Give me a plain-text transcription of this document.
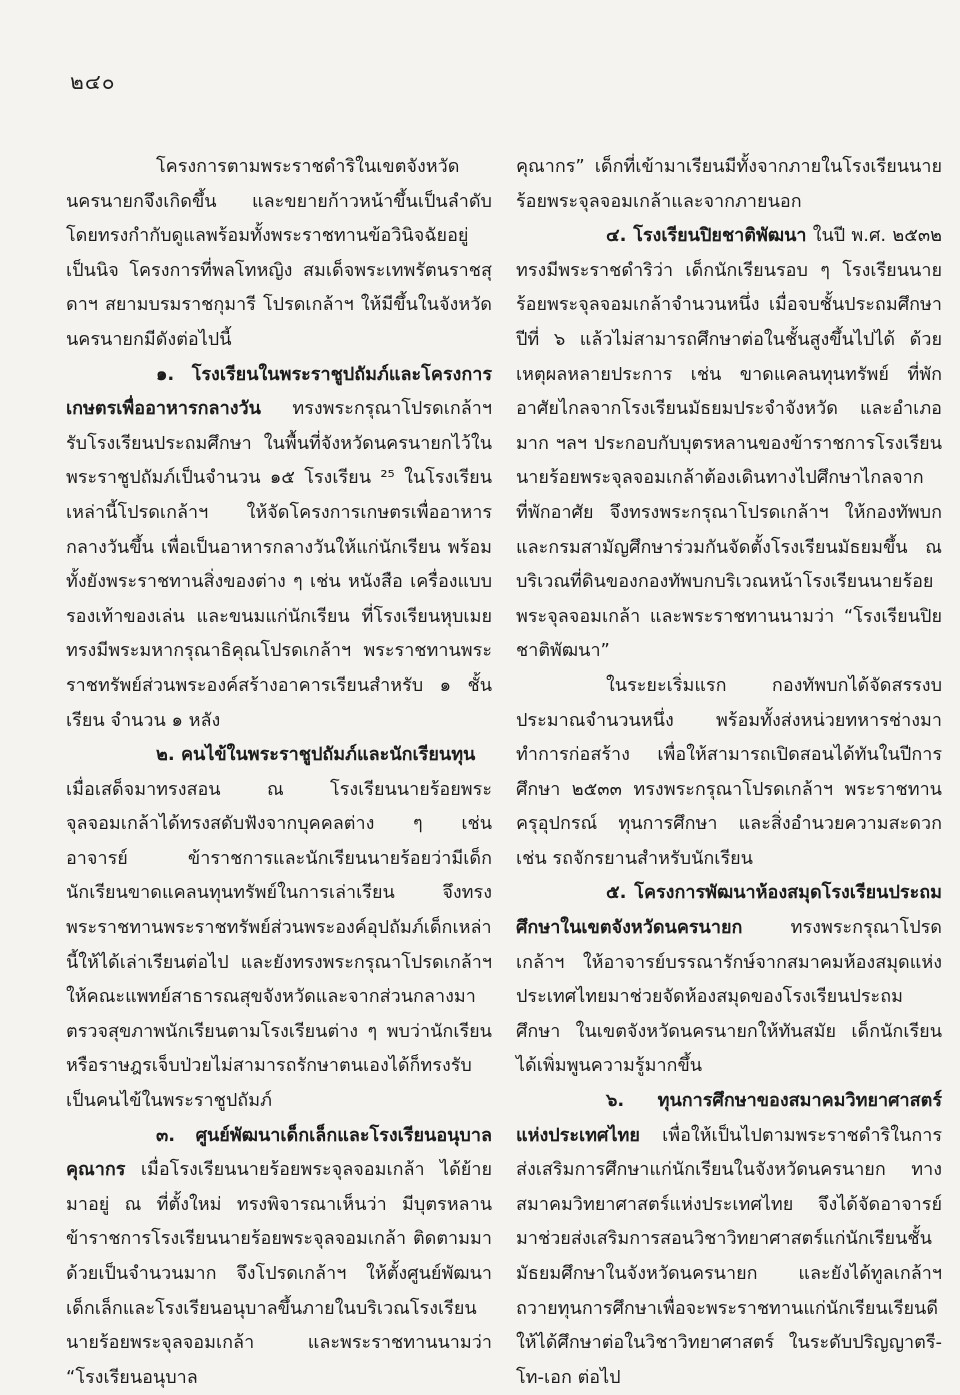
๒๔๐

โครงการตามพระราชดำริในเขตจังหวัดนครนายกจึงเกิดขึ้น และขยายก้าวหน้าขึ้นเป็นลำดับ โดยทรงกำกับดูแลพร้อมทั้งพระราชทานข้อวินิจฉัยอยู่เป็นนิจ โครงการที่พลโทหญิง สมเด็จพระเทพรัตนราชสุดาฯ สยามบรมราชกุมารี โปรดเกล้าฯ ให้มีขึ้นในจังหวัดนครนายกมีดังต่อไปนี้

๑. โรงเรียนในพระราชูปถัมภ์และโครงการเกษตรเพื่ออาหารกลางวัน ทรงพระกรุณาโปรดเกล้าฯ รับโรงเรียนประถมศึกษา ในพื้นที่จังหวัดนครนายกไว้ในพระราชูปถัมภ์เป็นจำนวน ๑๕ โรงเรียน ²⁵ ในโรงเรียนเหล่านี้โปรดเกล้าฯ ให้จัดโครงการเกษตรเพื่ออาหารกลางวันขึ้น เพื่อเป็นอาหารกลางวันให้แก่นักเรียน พร้อมทั้งยังพระราชทานสิ่งของต่าง ๆ เช่น หนังสือ เครื่องแบบ รองเท้าของเล่น และขนมแก่นักเรียน ที่โรงเรียนหุบเมย ทรงมีพระมหากรุณาธิคุณโปรดเกล้าฯ พระราชทานพระราชทรัพย์ส่วนพระองค์สร้างอาคารเรียนสำหรับ ๑ ชั้นเรียน จำนวน ๑ หลัง

๒. คนไข้ในพระราชูปถัมภ์และนักเรียนทุน

เมื่อเสด็จมาทรงสอน ณ โรงเรียนนายร้อยพระจุลจอมเกล้าได้ทรงสดับฟังจากบุคคลต่าง ๆ เช่น อาจารย์ ข้าราชการและนักเรียนนายร้อยว่ามีเด็กนักเรียนขาดแคลนทุนทรัพย์ในการเล่าเรียน จึงทรงพระราชทานพระราชทรัพย์ส่วนพระองค์อุปถัมภ์เด็กเหล่านี้ให้ได้เล่าเรียนต่อไป และยังทรงพระกรุณาโปรดเกล้าฯ ให้คณะแพทย์สาธารณสุขจังหวัดและจากส่วนกลางมาตรวจสุขภาพนักเรียนตามโรงเรียนต่าง ๆ พบว่านักเรียนหรือราษฎรเจ็บป่วยไม่สามารถรักษาตนเองได้ก็ทรงรับเป็นคนไข้ในพระราชูปถัมภ์

๓. ศูนย์พัฒนาเด็กเล็กและโรงเรียนอนุบาลคุณากร เมื่อโรงเรียนนายร้อยพระจุลจอมเกล้า ได้ย้ายมาอยู่ ณ ที่ตั้งใหม่ ทรงพิจารณาเห็นว่า มีบุตรหลานข้าราชการโรงเรียนนายร้อยพระจุลจอมเกล้า ติดตามมาด้วยเป็นจำนวนมาก จึงโปรดเกล้าฯ ให้ตั้งศูนย์พัฒนาเด็กเล็กและโรงเรียนอนุบาลขึ้นภายในบริเวณโรงเรียนนายร้อยพระจุลจอมเกล้า และพระราชทานนามว่า “โรงเรียนอนุบาล

คุณากร” เด็กที่เข้ามาเรียนมีทั้งจากภายในโรงเรียนนายร้อยพระจุลจอมเกล้าและจากภายนอก

๔. โรงเรียนปิยชาติพัฒนา ในปี พ.ศ. ๒๕๓๒ ทรงมีพระราชดำริว่า เด็กนักเรียนรอบ ๆ โรงเรียนนายร้อยพระจุลจอมเกล้าจำนวนหนึ่ง เมื่อจบชั้นประถมศึกษาปีที่ ๖ แล้วไม่สามารถศึกษาต่อในชั้นสูงขึ้นไปได้ ด้วยเหตุผลหลายประการ เช่น ขาดแคลนทุนทรัพย์ ที่พักอาศัยไกลจากโรงเรียนมัธยมประจำจังหวัด และอำเภอมาก ฯลฯ ประกอบกับบุตรหลานของข้าราชการโรงเรียนนายร้อยพระจุลจอมเกล้าต้องเดินทางไปศึกษาไกลจากที่พักอาศัย จึงทรงพระกรุณาโปรดเกล้าฯ ให้กองทัพบก และกรมสามัญศึกษาร่วมกันจัดตั้งโรงเรียนมัธยมขึ้น ณ บริเวณที่ดินของกองทัพบกบริเวณหน้าโรงเรียนนายร้อยพระจุลจอมเกล้า และพระราชทานนามว่า “โรงเรียนปิยชาติพัฒนา”

ในระยะเริ่มแรก กองทัพบกได้จัดสรรงบประมาณจำนวนหนึ่ง พร้อมทั้งส่งหน่วยทหารช่างมาทำการก่อสร้าง เพื่อให้สามารถเปิดสอนได้ทันในปีการศึกษา ๒๕๓๓ ทรงพระกรุณาโปรดเกล้าฯ พระราชทานครุอุปกรณ์ ทุนการศึกษา และสิ่งอำนวยความสะดวก เช่น รถจักรยานสำหรับนักเรียน

๕. โครงการพัฒนาห้องสมุดโรงเรียนประถมศึกษาในเขตจังหวัดนครนายก ทรงพระกรุณาโปรดเกล้าฯ ให้อาจารย์บรรณารักษ์จากสมาคมห้องสมุดแห่งประเทศไทยมาช่วยจัดห้องสมุดของโรงเรียนประถมศึกษา ในเขตจังหวัดนครนายกให้ทันสมัย เด็กนักเรียนได้เพิ่มพูนความรู้มากขึ้น

๖. ทุนการศึกษาของสมาคมวิทยาศาสตร์แห่งประเทศไทย เพื่อให้เป็นไปตามพระราชดำริในการส่งเสริมการศึกษาแก่นักเรียนในจังหวัดนครนายก ทางสมาคมวิทยาศาสตร์แห่งประเทศไทย จึงได้จัดอาจารย์มาช่วยส่งเสริมการสอนวิชาวิทยาศาสตร์แก่นักเรียนชั้นมัธยมศึกษาในจังหวัดนครนายก และยังได้ทูลเกล้าฯ ถวายทุนการศึกษาเพื่อจะพระราชทานแก่นักเรียนเรียนดี ให้ได้ศึกษาต่อในวิชาวิทยาศาสตร์ ในระดับปริญญาตรี-โท-เอก ต่อไป
